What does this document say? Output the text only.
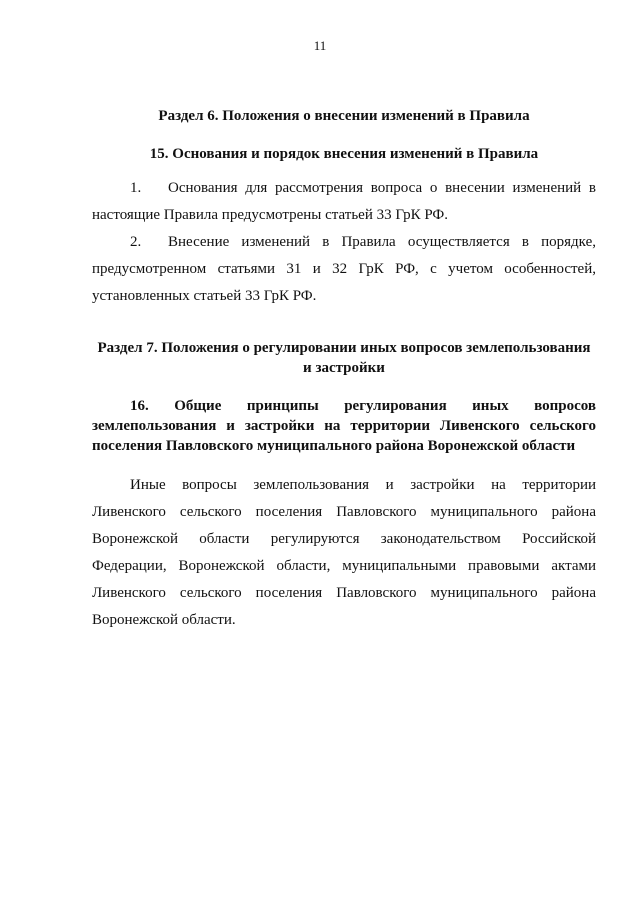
11
Раздел 6. Положения о внесении изменений в Правила
15. Основания и порядок внесения изменений в Правила

1. Основания для рассмотрения вопроса о внесении изменений в настоящие Правила предусмотрены статьей 33 ГрК РФ.

2. Внесение изменений в Правила осуществляется в порядке, предусмотренном статьями 31 и 32 ГрК РФ, с учетом особенностей, установленных статьей 33 ГрК РФ.

Раздел 7. Положения о регулировании иных вопросов землепользования и застройки
16. Общие принципы регулирования иных вопросов землепользования и застройки на территории Ливенского сельского поселения Павловского муниципального района Воронежской области

Иные вопросы землепользования и застройки на территории Ливенского сельского поселения Павловского муниципального района Воронежской области регулируются законодательством Российской Федерации, Воронежской области, муниципальными правовыми актами Ливенского сельского поселения Павловского муниципального района Воронежской области.
